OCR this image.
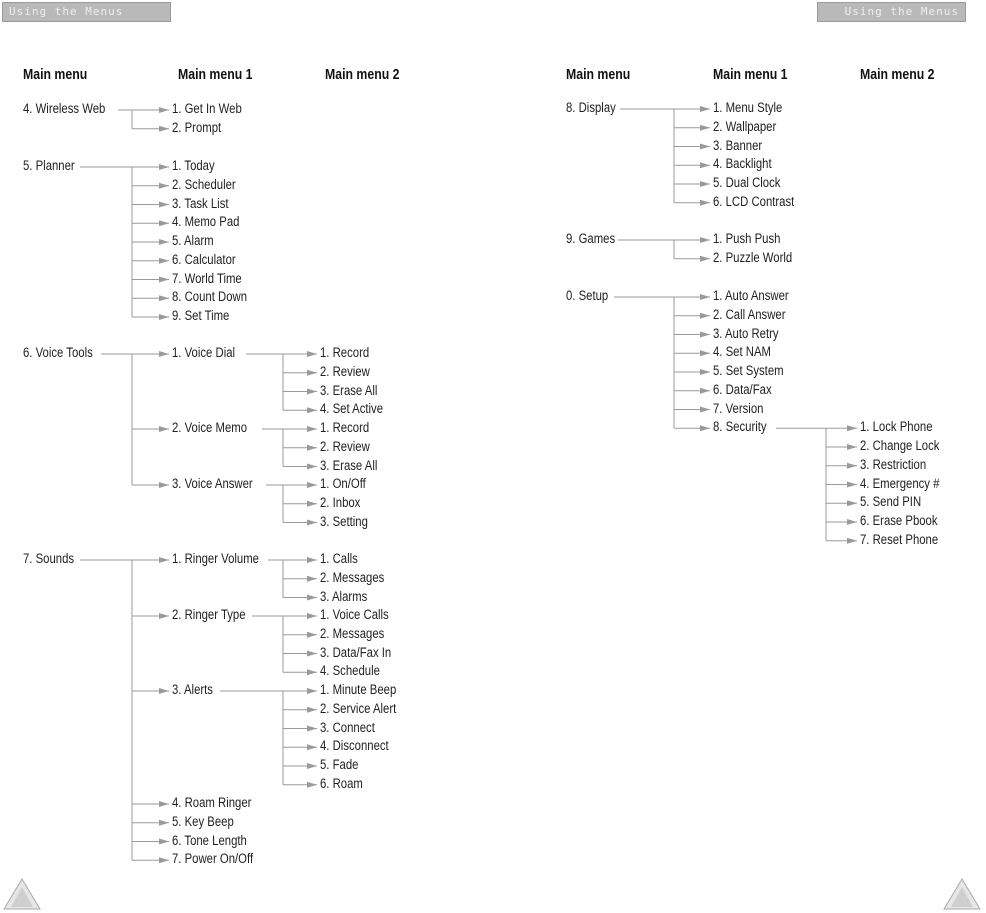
Using the Menus	Using the Menus
Main menu	Main menu 1	Main menu 2	Main menu	Main menu 1	Main menu 2
4. Wireless Web	1. Get In Web
2. Prompt
5. Planner	1. Today
2. Scheduler
3. Task List
4. Memo Pad
5. Alarm
6. Calculator
7. World Time
8. Count Down
9. Set Time
6. Voice Tools	1. Voice Dial	1. Record
2. Review
3. Erase All
4. Set Active
2. Voice Memo	1. Record
2. Review
3. Erase All
3. Voice Answer	1. On/Off
2. Inbox
3. Setting
7. Sounds	1. Ringer Volume	1. Calls
2. Messages
3. Alarms
2. Ringer Type	1. Voice Calls
2. Messages
3. Data/Fax In
4. Schedule
3. Alerts	1. Minute Beep
2. Service Alert
3. Connect
4. Disconnect
5. Fade
6. Roam
4. Roam Ringer
5. Key Beep
6. Tone Length
7. Power On/Off
8. Display	1. Menu Style
2. Wallpaper
3. Banner
4. Backlight
5. Dual Clock
6. LCD Contrast
9. Games	1. Push Push
2. Puzzle World
0. Setup	1. Auto Answer
2. Call Answer
3. Auto Retry
4. Set NAM
5. Set System
6. Data/Fax
7. Version
8. Security	1. Lock Phone
2. Change Lock
3. Restriction
4. Emergency #
5. Send PIN
6. Erase Pbook
7. Reset Phone
